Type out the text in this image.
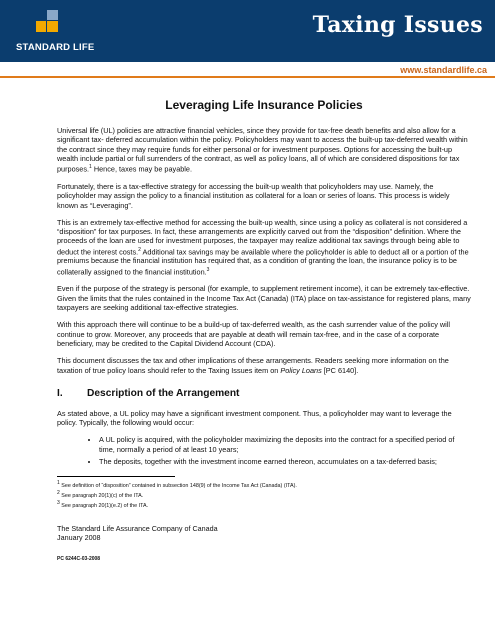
STANDARD LIFE
Taxing Issues
www.standardlife.ca
Leveraging Life Insurance Policies

Universal life (UL) policies are attractive financial vehicles, since they provide for tax-free death benefits and also allow for a significant tax- deferred accumulation within the policy. Policyholders may want to access the built-up tax-deferred wealth within the contract since they may require funds for either personal or for investment purposes. Options for accessing the built-up wealth include partial or full surrenders of the contract, as well as policy loans, all of which are considered dispositions for tax purposes.$^1$ Hence, taxes may be payable.

Fortunately, there is a tax-effective strategy for accessing the built-up wealth that policyholders may use. Namely, the policyholder may assign the policy to a financial institution as collateral for a loan or series of loans. This process is widely known as “Leveraging”.

This is an extremely tax-effective method for accessing the built-up wealth, since using a policy as collateral is not considered a “disposition” for tax purposes. In fact, these arrangements are explicitly carved out from the “disposition” definition. Where the proceeds of the loan are used for investment purposes, the taxpayer may realize additional tax savings through being able to deduct the interest costs.$^2$ Additional tax savings may be available where the policyholder is able to deduct all or a portion of the premiums because the financial institution has required that, as a condition of granting the loan, the insurance policy is to be collaterally assigned to the financial institution.$^3$

Even if the purpose of the strategy is personal (for example, to supplement retirement income), it can be extremely tax-effective. Given the limits that the rules contained in the Income Tax Act (Canada) (ITA) place on tax-assistance for registered plans, many taxpayers are seeking additional tax-effective strategies.

With this approach there will continue to be a build-up of tax-deferred wealth, as the cash surrender value of the policy will continue to grow. Moreover, any proceeds that are payable at death will remain tax-free, and in the case of a corporate beneficiary, may be credited to the Capital Dividend Account (CDA).

This document discusses the tax and other implications of these arrangements. Readers seeking more information on the taxation of true policy loans should refer to the Taxing Issues item on Policy Loans [PC 6140].

I.	Description of the Arrangement

As stated above, a UL policy may have a significant investment component. Thus, a policyholder may want to leverage the policy. Typically, the following would occur:

• A UL policy is acquired, with the policyholder maximizing the deposits into the contract for a specified period of time, normally a period of at least 10 years;
• The deposits, together with the investment income earned thereon, accumulates on a tax-deferred basis;
$^1$ See definition of “disposition” contained in subsection 148(9) of the Income Tax Act (Canada) (ITA).
$^2$ See paragraph 20(1)(c) of the ITA.
$^3$ See paragraph 20(1)(e.2) of the ITA.
The Standard Life Assurance Company of Canada
January 2008
PC 6244C-03-2008
